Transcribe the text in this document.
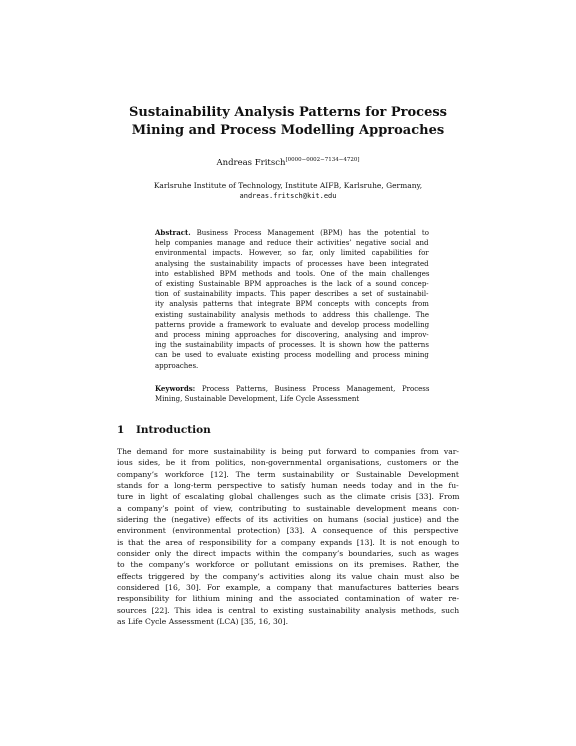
Sustainability Analysis Patterns for Process
Mining and Process Modelling Approaches
Andreas Fritsch[0000−0002−7134−4720]
Karlsruhe Institute of Technology, Institute AIFB, Karlsruhe, Germany,
andreas.fritsch@kit.edu
Abstract. Business Process Management (BPM) has the potential to
help companies manage and reduce their activities’ negative social and
environmental impacts. However, so far, only limited capabilities for
analysing the sustainability impacts of processes have been integrated
into established BPM methods and tools. One of the main challenges
of existing Sustainable BPM approaches is the lack of a sound concep-
tion of sustainability impacts. This paper describes a set of sustainabil-
ity analysis patterns that integrate BPM concepts with concepts from
existing sustainability analysis methods to address this challenge. The
patterns provide a framework to evaluate and develop process modelling
and process mining approaches for discovering, analysing and improv-
ing the sustainability impacts of processes. It is shown how the patterns
can be used to evaluate existing process modelling and process mining
approaches.
Keywords: Process Patterns, Business Process Management, Process
Mining, Sustainable Development, Life Cycle Assessment
1 Introduction
The demand for more sustainability is being put forward to companies from var-
ious sides, be it from politics, non-governmental organisations, customers or the
company’s workforce [12]. The term sustainability or Sustainable Development
stands for a long-term perspective to satisfy human needs today and in the fu-
ture in light of escalating global challenges such as the climate crisis [33]. From
a company’s point of view, contributing to sustainable development means con-
sidering the (negative) effects of its activities on humans (social justice) and the
environment (environmental protection) [33]. A consequence of this perspective
is that the area of responsibility for a company expands [13]. It is not enough to
consider only the direct impacts within the company’s boundaries, such as wages
to the company’s workforce or pollutant emissions on its premises. Rather, the
effects triggered by the company’s activities along its value chain must also be
considered [16, 30]. For example, a company that manufactures batteries bears
responsibility for lithium mining and the associated contamination of water re-
sources [22]. This idea is central to existing sustainability analysis methods, such
as Life Cycle Assessment (LCA) [35, 16, 30].
